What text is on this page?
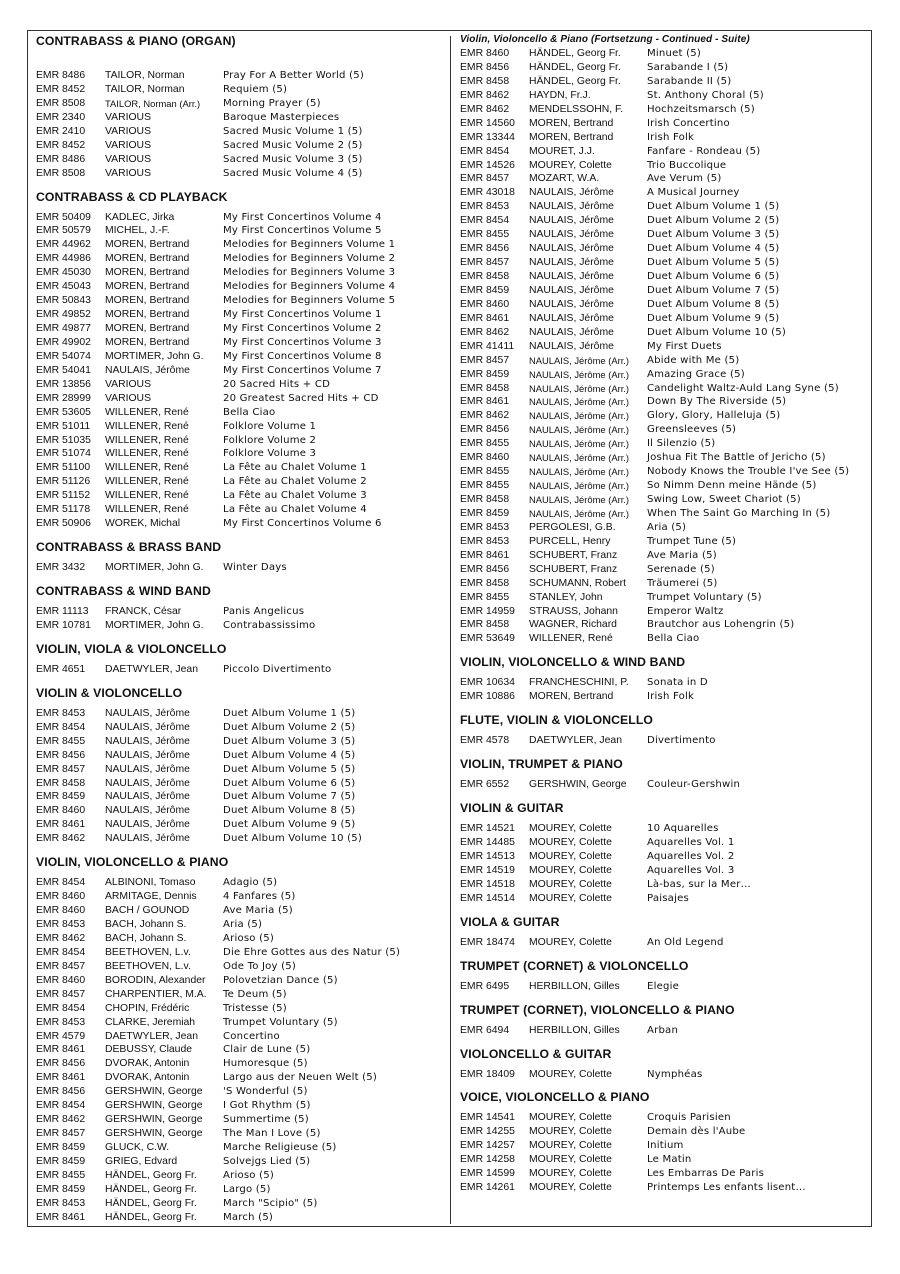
CONTRABASS & PIANO (ORGAN)
EMR 8486	TAILOR, Norman	Pray For A Better World (5)
EMR 8452	TAILOR, Norman	Requiem (5)
EMR 8508	TAILOR, Norman (Arr.)	Morning Prayer (5)
EMR 2340	VARIOUS	Baroque Masterpieces
EMR 2410	VARIOUS	Sacred Music Volume 1 (5)
EMR 8452	VARIOUS	Sacred Music Volume 2 (5)
EMR 8486	VARIOUS	Sacred Music Volume 3 (5)
EMR 8508	VARIOUS	Sacred Music Volume 4 (5)
CONTRABASS & CD PLAYBACK
EMR 50409	KADLEC, Jirka	My First Concertinos Volume 4
EMR 50579	MICHEL, J.-F.	My First Concertinos Volume 5
EMR 44962	MOREN, Bertrand	Melodies for Beginners Volume 1
EMR 44986	MOREN, Bertrand	Melodies for Beginners Volume 2
EMR 45030	MOREN, Bertrand	Melodies for Beginners Volume 3
EMR 45043	MOREN, Bertrand	Melodies for Beginners Volume 4
EMR 50843	MOREN, Bertrand	Melodies for Beginners Volume 5
EMR 49852	MOREN, Bertrand	My First Concertinos Volume 1
EMR 49877	MOREN, Bertrand	My First Concertinos Volume 2
EMR 49902	MOREN, Bertrand	My First Concertinos Volume 3
EMR 54074	MORTIMER, John G.	My First Concertinos Volume 8
EMR 54041	NAULAIS, Jérôme	My First Concertinos Volume 7
EMR 13856	VARIOUS	20 Sacred Hits + CD
EMR 28999	VARIOUS	20 Greatest Sacred Hits + CD
EMR 53605	WILLENER, René	Bella Ciao
EMR 51011	WILLENER, René	Folklore Volume 1
EMR 51035	WILLENER, René	Folklore Volume 2
EMR 51074	WILLENER, René	Folklore Volume 3
EMR 51100	WILLENER, René	La Fête au Chalet Volume 1
EMR 51126	WILLENER, René	La Fête au Chalet Volume 2
EMR 51152	WILLENER, René	La Fête au Chalet Volume 3
EMR 51178	WILLENER, René	La Fête au Chalet Volume 4
EMR 50906	WOREK, Michal	My First Concertinos Volume 6
CONTRABASS & BRASS BAND
EMR 3432	MORTIMER, John G.	Winter Days
CONTRABASS & WIND BAND
EMR 11113	FRANCK, César	Panis Angelicus
EMR 10781	MORTIMER, John G.	Contrabassissimo
VIOLIN, VIOLA & VIOLONCELLO
EMR 4651	DAETWYLER, Jean	Piccolo Divertimento
VIOLIN & VIOLONCELLO
EMR 8453	NAULAIS, Jérôme	Duet Album Volume 1 (5)
EMR 8454	NAULAIS, Jérôme	Duet Album Volume 2 (5)
EMR 8455	NAULAIS, Jérôme	Duet Album Volume 3 (5)
EMR 8456	NAULAIS, Jérôme	Duet Album Volume 4 (5)
EMR 8457	NAULAIS, Jérôme	Duet Album Volume 5 (5)
EMR 8458	NAULAIS, Jérôme	Duet Album Volume 6 (5)
EMR 8459	NAULAIS, Jérôme	Duet Album Volume 7 (5)
EMR 8460	NAULAIS, Jérôme	Duet Album Volume 8 (5)
EMR 8461	NAULAIS, Jérôme	Duet Album Volume 9 (5)
EMR 8462	NAULAIS, Jérôme	Duet Album Volume 10 (5)
VIOLIN, VIOLONCELLO & PIANO
EMR 8454	ALBINONI, Tomaso	Adagio (5)
EMR 8460	ARMITAGE, Dennis	4 Fanfares (5)
EMR 8460	BACH / GOUNOD	Ave Maria (5)
EMR 8453	BACH, Johann S.	Aria (5)
EMR 8462	BACH, Johann S.	Arioso (5)
EMR 8454	BEETHOVEN, L.v.	Die Ehre Gottes aus des Natur (5)
EMR 8457	BEETHOVEN, L.v.	Ode To Joy (5)
EMR 8460	BORODIN, Alexander	Polovetzian Dance (5)
EMR 8457	CHARPENTIER, M.A.	Te Deum (5)
EMR 8454	CHOPIN, Frédéric	Tristesse (5)
EMR 8453	CLARKE, Jeremiah	Trumpet Voluntary (5)
EMR 4579	DAETWYLER, Jean	Concertino
EMR 8461	DEBUSSY, Claude	Clair de Lune (5)
EMR 8456	DVORAK, Antonin	Humoresque (5)
EMR 8461	DVORAK, Antonin	Largo aus der Neuen Welt (5)
EMR 8456	GERSHWIN, George	'S Wonderful (5)
EMR 8454	GERSHWIN, George	I Got Rhythm (5)
EMR 8462	GERSHWIN, George	Summertime (5)
EMR 8457	GERSHWIN, George	The Man I Love (5)
EMR 8459	GLUCK, C.W.	Marche Religieuse (5)
EMR 8459	GRIEG, Edvard	Solvejgs Lied (5)
EMR 8455	HÄNDEL, Georg Fr.	Arioso (5)
EMR 8459	HÄNDEL, Georg Fr.	Largo (5)
EMR 8453	HÄNDEL, Georg Fr.	March "Scipio" (5)
EMR 8461	HÄNDEL, Georg Fr.	March (5)
Violin, Violoncello & Piano (Fortsetzung - Continued - Suite)
EMR 8460	HÄNDEL, Georg Fr.	Minuet (5)
EMR 8456	HÄNDEL, Georg Fr.	Sarabande I (5)
EMR 8458	HÄNDEL, Georg Fr.	Sarabande II (5)
EMR 8462	HAYDN, Fr.J.	St. Anthony Choral (5)
EMR 8462	MENDELSSOHN, F.	Hochzeitsmarsch (5)
EMR 14560	MOREN, Bertrand	Irish Concertino
EMR 13344	MOREN, Bertrand	Irish Folk
EMR 8454	MOURET, J.J.	Fanfare - Rondeau (5)
EMR 14526	MOUREY, Colette	Trio Buccolique
EMR 8457	MOZART, W.A.	Ave Verum (5)
EMR 43018	NAULAIS, Jérôme	A Musical Journey
EMR 8453	NAULAIS, Jérôme	Duet Album Volume 1 (5)
EMR 8454	NAULAIS, Jérôme	Duet Album Volume 2 (5)
EMR 8455	NAULAIS, Jérôme	Duet Album Volume 3 (5)
EMR 8456	NAULAIS, Jérôme	Duet Album Volume 4 (5)
EMR 8457	NAULAIS, Jérôme	Duet Album Volume 5 (5)
EMR 8458	NAULAIS, Jérôme	Duet Album Volume 6 (5)
EMR 8459	NAULAIS, Jérôme	Duet Album Volume 7 (5)
EMR 8460	NAULAIS, Jérôme	Duet Album Volume 8 (5)
EMR 8461	NAULAIS, Jérôme	Duet Album Volume 9 (5)
EMR 8462	NAULAIS, Jérôme	Duet Album Volume 10 (5)
EMR 41411	NAULAIS, Jérôme	My First Duets
EMR 8457	NAULAIS, Jérôme (Arr.)	Abide with Me (5)
EMR 8459	NAULAIS, Jérôme (Arr.)	Amazing Grace (5)
EMR 8458	NAULAIS, Jérôme (Arr.)	Candelight Waltz-Auld Lang Syne (5)
EMR 8461	NAULAIS, Jérôme (Arr.)	Down By The Riverside (5)
EMR 8462	NAULAIS, Jérôme (Arr.)	Glory, Glory, Halleluja (5)
EMR 8456	NAULAIS, Jérôme (Arr.)	Greensleeves (5)
EMR 8455	NAULAIS, Jérôme (Arr.)	Il Silenzio (5)
EMR 8460	NAULAIS, Jérôme (Arr.)	Joshua Fit The Battle of Jericho (5)
EMR 8455	NAULAIS, Jérôme (Arr.)	Nobody Knows the Trouble I've See (5)
EMR 8455	NAULAIS, Jérôme (Arr.)	So Nimm Denn meine Hände (5)
EMR 8458	NAULAIS, Jérôme (Arr.)	Swing Low, Sweet Chariot (5)
EMR 8459	NAULAIS, Jérôme (Arr.)	When The Saint Go Marching In (5)
EMR 8453	PERGOLESI, G.B.	Aria (5)
EMR 8453	PURCELL, Henry	Trumpet Tune (5)
EMR 8461	SCHUBERT, Franz	Ave Maria (5)
EMR 8456	SCHUBERT, Franz	Serenade (5)
EMR 8458	SCHUMANN, Robert	Träumerei (5)
EMR 8455	STANLEY, John	Trumpet Voluntary (5)
EMR 14959	STRAUSS, Johann	Emperor Waltz
EMR 8458	WAGNER, Richard	Brautchor aus Lohengrin (5)
EMR 53649	WILLENER, René	Bella Ciao
VIOLIN, VIOLONCELLO & WIND BAND
EMR 10634	FRANCHESCHINI, P.	Sonata in D
EMR 10886	MOREN, Bertrand	Irish Folk
FLUTE, VIOLIN & VIOLONCELLO
EMR 4578	DAETWYLER, Jean	Divertimento
VIOLIN, TRUMPET & PIANO
EMR 6552	GERSHWIN, George	Couleur-Gershwin
VIOLIN & GUITAR
EMR 14521	MOUREY, Colette	10 Aquarelles
EMR 14485	MOUREY, Colette	Aquarelles Vol. 1
EMR 14513	MOUREY, Colette	Aquarelles Vol. 2
EMR 14519	MOUREY, Colette	Aquarelles Vol. 3
EMR 14518	MOUREY, Colette	Là-bas, sur la Mer…
EMR 14514	MOUREY, Colette	Paisajes
VIOLA & GUITAR
EMR 18474	MOUREY, Colette	An Old Legend
TRUMPET (CORNET) & VIOLONCELLO
EMR 6495	HERBILLON, Gilles	Elegie
TRUMPET (CORNET), VIOLONCELLO & PIANO
EMR 6494	HERBILLON, Gilles	Arban
VIOLONCELLO & GUITAR
EMR 18409	MOUREY, Colette	Nymphéas
VOICE, VIOLONCELLO & PIANO
EMR 14541	MOUREY, Colette	Croquis Parisien
EMR 14255	MOUREY, Colette	Demain dès l'Aube
EMR 14257	MOUREY, Colette	Initium
EMR 14258	MOUREY, Colette	Le Matin
EMR 14599	MOUREY, Colette	Les Embarras De Paris
EMR 14261	MOUREY, Colette	Printemps Les enfants lisent…
